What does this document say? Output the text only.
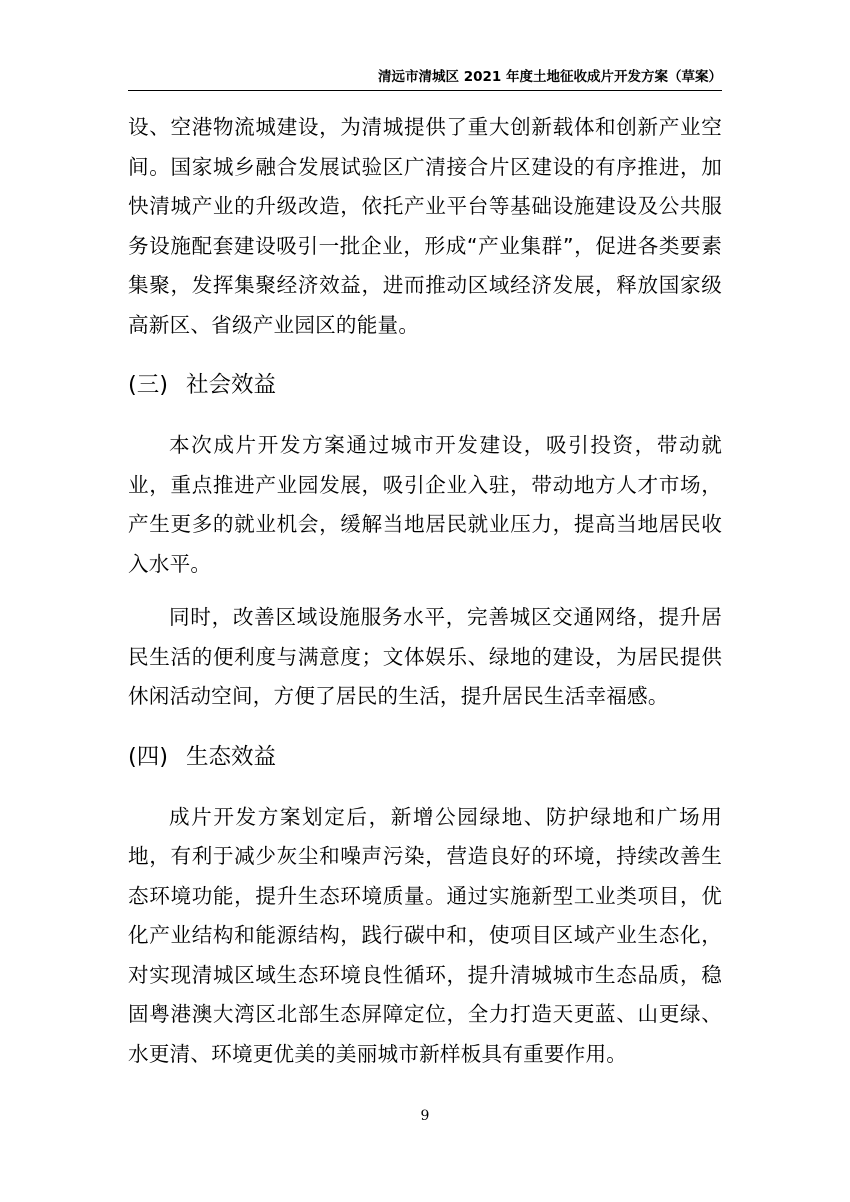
清远市清城区 2021 年度土地征收成片开发方案（草案）

设、空港物流城建设，为清城提供了重大创新载体和创新产业空间。国家城乡融合发展试验区广清接合片区建设的有序推进，加快清城产业的升级改造，依托产业平台等基础设施建设及公共服务设施配套建设吸引一批企业，形成“产业集群”，促进各类要素集聚，发挥集聚经济效益，进而推动区域经济发展，释放国家级高新区、省级产业园区的能量。

(三) 社会效益

本次成片开发方案通过城市开发建设，吸引投资，带动就业，重点推进产业园发展，吸引企业入驻，带动地方人才市场，产生更多的就业机会，缓解当地居民就业压力，提高当地居民收入水平。

同时，改善区域设施服务水平，完善城区交通网络，提升居民生活的便利度与满意度；文体娱乐、绿地的建设，为居民提供休闲活动空间，方便了居民的生活，提升居民生活幸福感。

(四) 生态效益

成片开发方案划定后，新增公园绿地、防护绿地和广场用地，有利于减少灰尘和噪声污染，营造良好的环境，持续改善生态环境功能，提升生态环境质量。通过实施新型工业类项目，优化产业结构和能源结构，践行碳中和，使项目区域产业生态化，对实现清城区域生态环境良性循环，提升清城城市生态品质，稳固粤港澳大湾区北部生态屏障定位，全力打造天更蓝、山更绿、水更清、环境更优美的美丽城市新样板具有重要作用。

9
